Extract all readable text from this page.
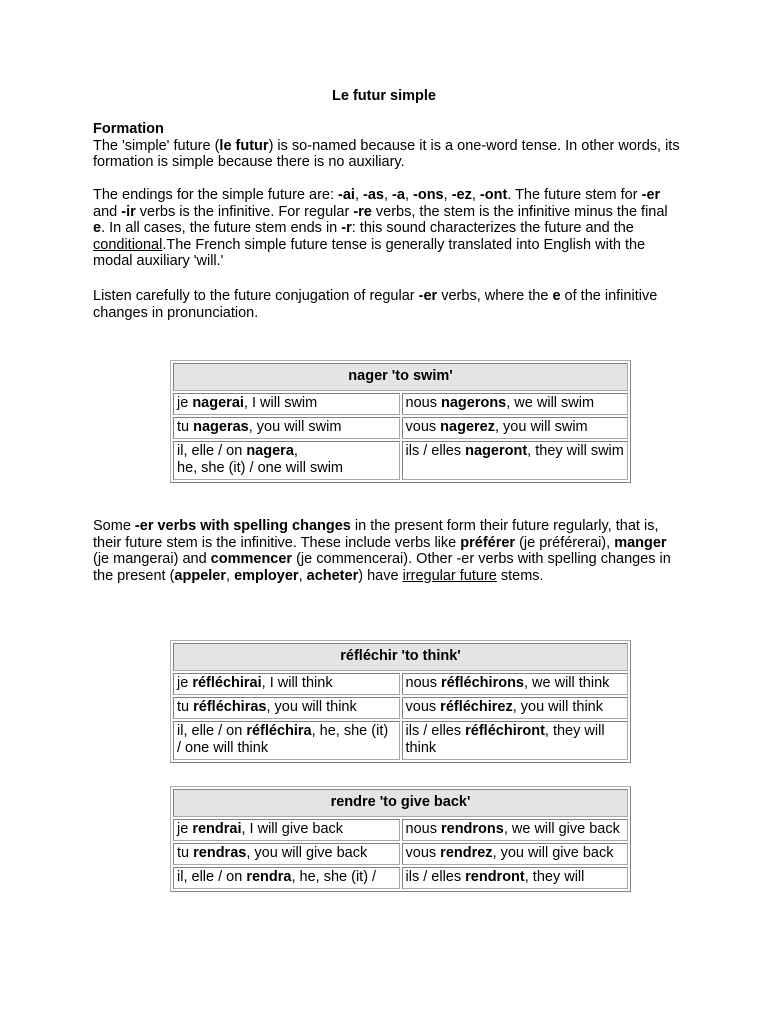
Le futur simple
Formation
The 'simple' future (le futur) is so-named because it is a one-word tense. In other words, its formation is simple because there is no auxiliary.
The endings for the simple future are: -ai, -as, -a, -ons, -ez, -ont. The future stem for -er and -ir verbs is the infinitive. For regular -re verbs, the stem is the infinitive minus the final e. In all cases, the future stem ends in -r: this sound characterizes the future and the conditional.The French simple future tense is generally translated into English with the modal auxiliary 'will.'
Listen carefully to the future conjugation of regular -er verbs, where the e of the infinitive changes in pronunciation.
nager 'to swim'	
je nagerai, I will swim	nous nagerons, we will swim
tu nageras, you will swim	vous nagerez, you will swim
il, elle / on nagera,
he, she (it) / one will swim	ils / elles nageront, they will swim
Some -er verbs with spelling changes in the present form their future regularly, that is, their future stem is the infinitive. These include verbs like préférer (je préférerai), manger (je mangerai) and commencer (je commencerai). Other -er verbs with spelling changes in the present (appeler, employer, acheter) have irregular future stems.
réfléchir 'to think'	
je réfléchirai, I will think	nous réfléchirons, we will think
tu réfléchiras, you will think	vous réfléchirez, you will think
il, elle / on réfléchira, he, she (it) / one will think	ils / elles réfléchiront, they will think
rendre 'to give back'	
je rendrai, I will give back	nous rendrons, we will give back
tu rendras, you will give back	vous rendrez, you will give back
il, elle / on rendra, he, she (it) /	ils / elles rendront, they will
